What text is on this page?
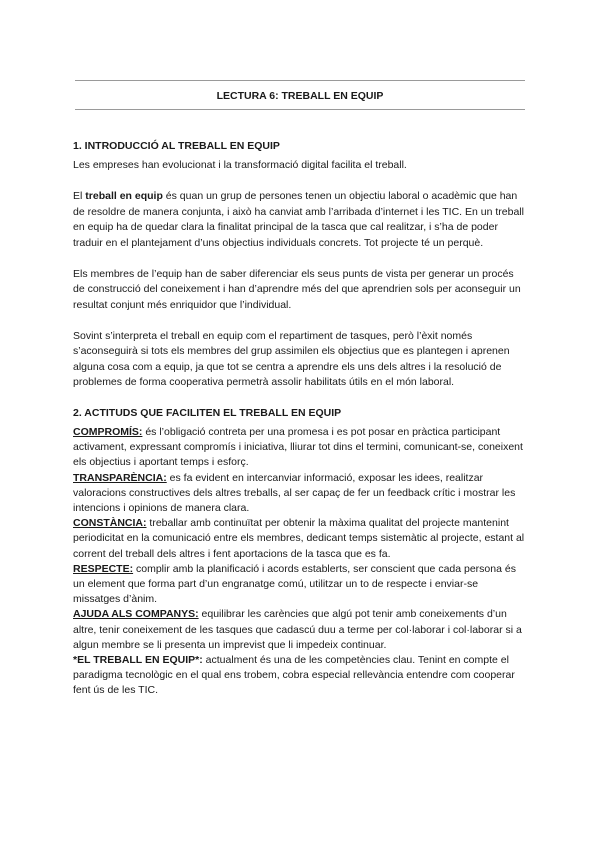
LECTURA 6: TREBALL EN EQUIP
1. INTRODUCCIÓ AL TREBALL EN EQUIP

Les empreses han evolucionat i la transformació digital facilita el treball.

El treball en equip és quan un grup de persones tenen un objectiu laboral o acadèmic que han de resoldre de manera conjunta, i això ha canviat amb l’arribada d’internet i les TIC. En un treball en equip ha de quedar clara la finalitat principal de la tasca que cal realitzar, i s’ha de poder traduir en el plantejament d’uns objectius individuals concrets. Tot projecte té un perquè.

Els membres de l’equip han de saber diferenciar els seus punts de vista per generar un procés de construcció del coneixement i han d’aprendre més del que aprendrien sols per aconseguir un resultat conjunt més enriquidor que l’individual.

Sovint s’interpreta el treball en equip com el repartiment de tasques, però l’èxit només s’aconseguirà si tots els membres del grup assimilen els objectius que es plantegen i aprenen alguna cosa com a equip, ja que tot se centra a aprendre els uns dels altres i la resolució de problemes de forma cooperativa permetrà assolir habilitats útils en el món laboral.

2. ACTITUDS QUE FACILITEN EL TREBALL EN EQUIP

COMPROMÍS: és l’obligació contreta per una promesa i es pot posar en pràctica participant activament, expressant compromís i iniciativa, lliurar tot dins el termini, comunicant-se, coneixent els objectius i aportant temps i esforç.

TRANSPARÈNCIA: es fa evident en intercanviar informació, exposar les idees, realitzar valoracions constructives dels altres treballs, al ser capaç de fer un feedback crític i mostrar les intencions i opinions de manera clara.

CONSTÀNCIA: treballar amb continuïtat per obtenir la màxima qualitat del projecte mantenint periodicitat en la comunicació entre els membres, dedicant temps sistemàtic al projecte, estant al corrent del treball dels altres i fent aportacions de la tasca que es fa.

RESPECTE: complir amb la planificació i acords establerts, ser conscient que cada persona és un element que forma part d’un engranatge comú, utilitzar un to de respecte i enviar-se missatges d’ànim.

AJUDA ALS COMPANYS: equilibrar les carències que algú pot tenir amb coneixements d’un altre, tenir coneixement de les tasques que cadascú duu a terme per col·laborar i col·laborar si a algun membre se li presenta un imprevist que li impedeix continuar.

*EL TREBALL EN EQUIP*: actualment és una de les competències clau. Tenint en compte el paradigma tecnològic en el qual ens trobem, cobra especial rellevància entendre com cooperar fent ús de les TIC.
